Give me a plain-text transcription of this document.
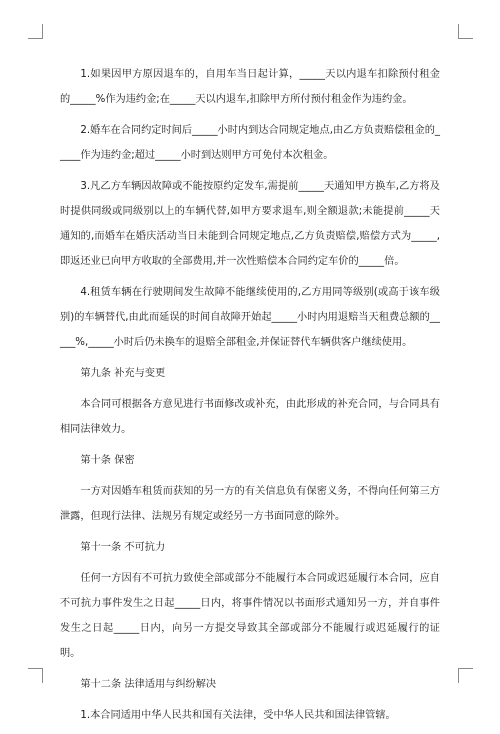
1.如果因甲方原因退车的，自用车当日起计算，_____天以内退车扣除预付租金的_____%作为违约金;在_____天以内退车,扣除甲方所付预付租金作为违约金。

2.婚车在合同约定时间后_____小时内到达合同规定地点,由乙方负责赔偿租金的_____作为违约金;超过_____小时到达则甲方可免付本次租金。

3.凡乙方车辆因故障或不能按原约定发车,需提前_____天通知甲方换车,乙方将及时提供同级或同级别以上的车辆代替,如甲方要求退车,则全额退款;未能提前_____天通知的,而婚车在婚庆活动当日未能到合同规定地点,乙方负责赔偿,赔偿方式为_____,即返还业已向甲方收取的全部费用,并一次性赔偿本合同约定车价的_____倍。

4.租赁车辆在行驶期间发生故障不能继续使用的,乙方用同等级别(或高于该车级别)的车辆替代,由此而延误的时间自故障开始起_____小时内用退赔当天租费总额的_____%,_____小时后仍未换车的退赔全部租金,并保证替代车辆供客户继续使用。

第九条 补充与变更

本合同可根据各方意见进行书面修改或补充，由此形成的补充合同，与合同具有相同法律效力。

第十条 保密

一方对因婚车租赁而获知的另一方的有关信息负有保密义务，不得向任何第三方泄露，但现行法律、法规另有规定或经另一方书面同意的除外。

第十一条 不可抗力

任何一方因有不可抗力致使全部或部分不能履行本合同或迟延履行本合同，应自不可抗力事件发生之日起_____日内，将事件情况以书面形式通知另一方，并自事件发生之日起_____日内，向另一方提交导致其全部或部分不能履行或迟延履行的证明。

第十二条 法律适用与纠纷解决

1.本合同适用中华人民共和国有关法律，受中华人民共和国法律管辖。
